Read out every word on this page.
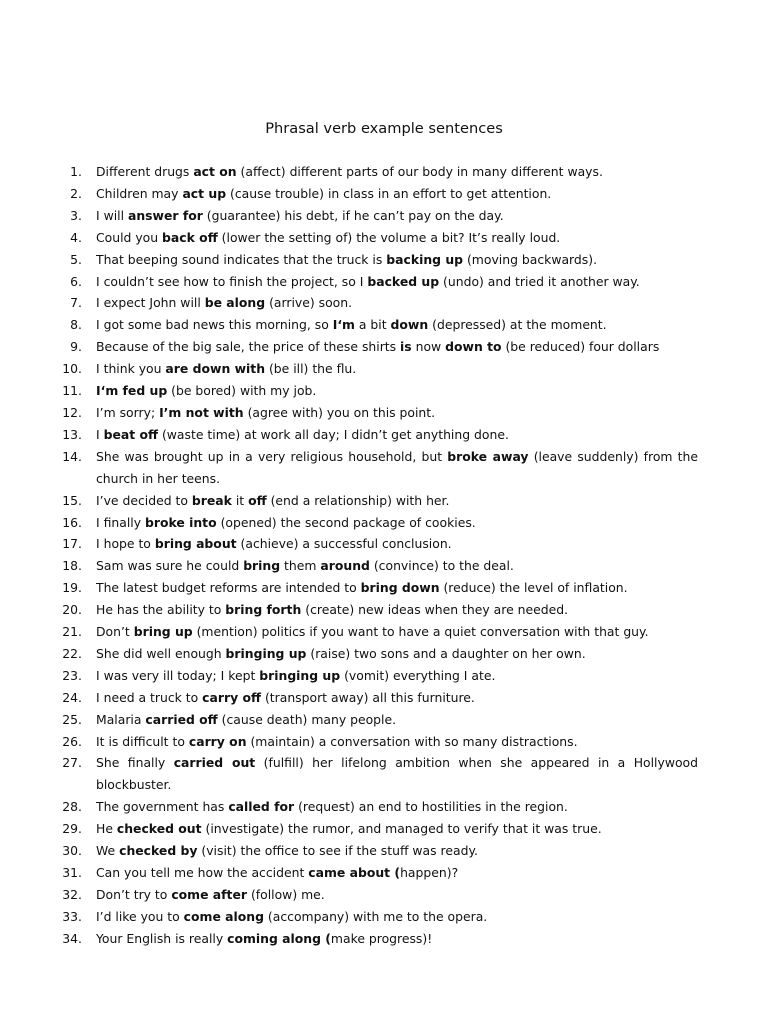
Phrasal verb example sentences
1. Different drugs act on (affect) different parts of our body in many different ways.
2. Children may act up (cause trouble) in class in an effort to get attention.
3. I will answer for (guarantee) his debt, if he can’t pay on the day.
4. Could you back off (lower the setting of) the volume a bit? It’s really loud.
5. That beeping sound indicates that the truck is backing up (moving backwards).
6. I couldn’t see how to finish the project, so I backed up (undo) and tried it another way.
7. I expect John will be along (arrive) soon.
8. I got some bad news this morning, so I‘m a bit down (depressed) at the moment.
9. Because of the big sale, the price of these shirts is now down to (be reduced) four dollars
10. I think you are down with (be ill) the flu.
11. I‘m fed up (be bored) with my job.
12. I’m sorry; I’m not with (agree with) you on this point.
13. I beat off (waste time) at work all day; I didn’t get anything done.
14. She was brought up in a very religious household, but broke away (leave suddenly) from the church in her teens.
15. I’ve decided to break it off (end a relationship) with her.
16. I finally broke into (opened) the second package of cookies.
17. I hope to bring about (achieve) a successful conclusion.
18. Sam was sure he could bring them around (convince) to the deal.
19. The latest budget reforms are intended to bring down (reduce) the level of inflation.
20. He has the ability to bring forth (create) new ideas when they are needed.
21. Don’t bring up (mention) politics if you want to have a quiet conversation with that guy.
22. She did well enough bringing up (raise) two sons and a daughter on her own.
23. I was very ill today; I kept bringing up (vomit) everything I ate.
24. I need a truck to carry off (transport away) all this furniture.
25. Malaria carried off (cause death) many people.
26. It is difficult to carry on (maintain) a conversation with so many distractions.
27. She finally carried out (fulfill) her lifelong ambition when she appeared in a Hollywood blockbuster.
28. The government has called for (request) an end to hostilities in the region.
29. He checked out (investigate) the rumor, and managed to verify that it was true.
30. We checked by (visit) the office to see if the stuff was ready.
31. Can you tell me how the accident came about (happen)?
32. Don’t try to come after (follow) me.
33. I’d like you to come along (accompany) with me to the opera.
34. Your English is really coming along (make progress)!
